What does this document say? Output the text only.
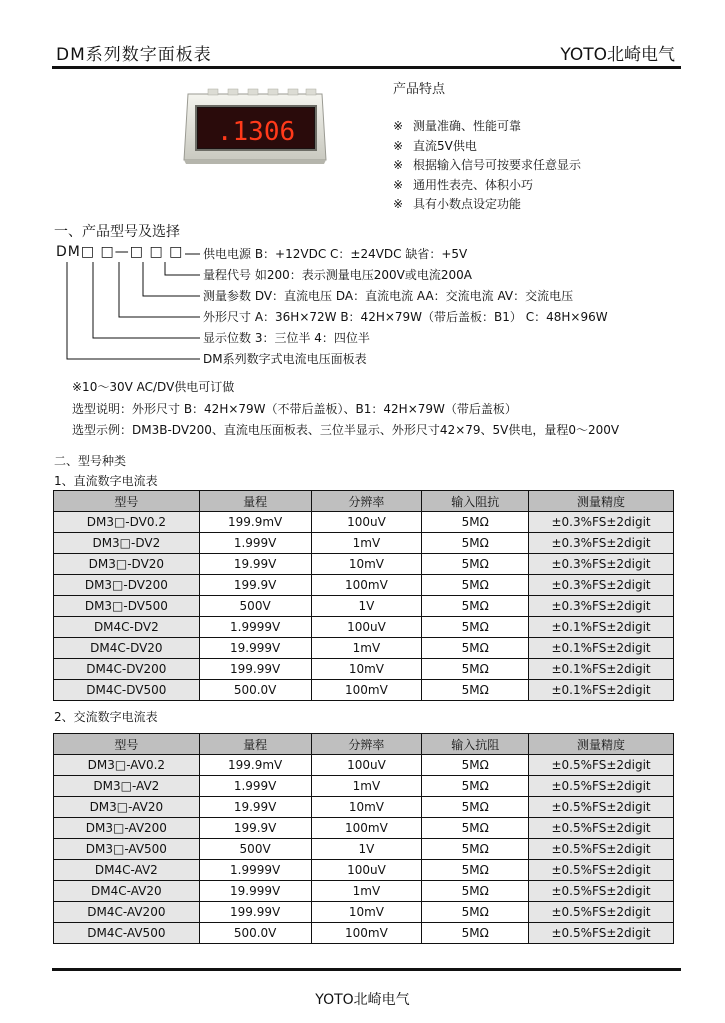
DM系列数字面板表	YOTO北崎电气
.1306
产品特点
※ 测量准确、性能可靠
※ 直流5V供电
※ 根据输入信号可按要求任意显示
※ 通用性表壳、体积小巧
※ 具有小数点设定功能
一、产品型号及选择
DM□ □—□ □ □ 供电电源 B：+12VDC C：±24VDC 缺省：+5V
量程代号 如200：表示测量电压200V或电流200A
测量参数 DV：直流电压 DA：直流电流 AA：交流电流 AV：交流电压
外形尺寸 A：36H×72W B：42H×79W（带后盖板：B1） C：48H×96W
显示位数 3：三位半 4：四位半
DM系列数字式电流电压面板表
※10～30V AC/DV供电可订做
选型说明：外形尺寸 B：42H×79W（不带后盖板）、B1：42H×79W（带后盖板）
选型示例：DM3B-DV200、直流电压面板表、三位半显示、外形尺寸42×79、5V供电，量程0～200V
二、型号种类
1、直流数字电流表
型号	量程	分辨率	输入阻抗	测量精度
DM3□-DV0.2	199.9mV	100uV	5MΩ	±0.3%FS±2digit
DM3□-DV2	1.999V	1mV	5MΩ	±0.3%FS±2digit
DM3□-DV20	19.99V	10mV	5MΩ	±0.3%FS±2digit
DM3□-DV200	199.9V	100mV	5MΩ	±0.3%FS±2digit
DM3□-DV500	500V	1V	5MΩ	±0.3%FS±2digit
DM4C-DV2	1.9999V	100uV	5MΩ	±0.1%FS±2digit
DM4C-DV20	19.999V	1mV	5MΩ	±0.1%FS±2digit
DM4C-DV200	199.99V	10mV	5MΩ	±0.1%FS±2digit
DM4C-DV500	500.0V	100mV	5MΩ	±0.1%FS±2digit
2、交流数字电流表
型号	量程	分辨率	输入抗阻	测量精度
DM3□-AV0.2	199.9mV	100uV	5MΩ	±0.5%FS±2digit
DM3□-AV2	1.999V	1mV	5MΩ	±0.5%FS±2digit
DM3□-AV20	19.99V	10mV	5MΩ	±0.5%FS±2digit
DM3□-AV200	199.9V	100mV	5MΩ	±0.5%FS±2digit
DM3□-AV500	500V	1V	5MΩ	±0.5%FS±2digit
DM4C-AV2	1.9999V	100uV	5MΩ	±0.5%FS±2digit
DM4C-AV20	19.999V	1mV	5MΩ	±0.5%FS±2digit
DM4C-AV200	199.99V	10mV	5MΩ	±0.5%FS±2digit
DM4C-AV500	500.0V	100mV	5MΩ	±0.5%FS±2digit
YOTO北崎电气
